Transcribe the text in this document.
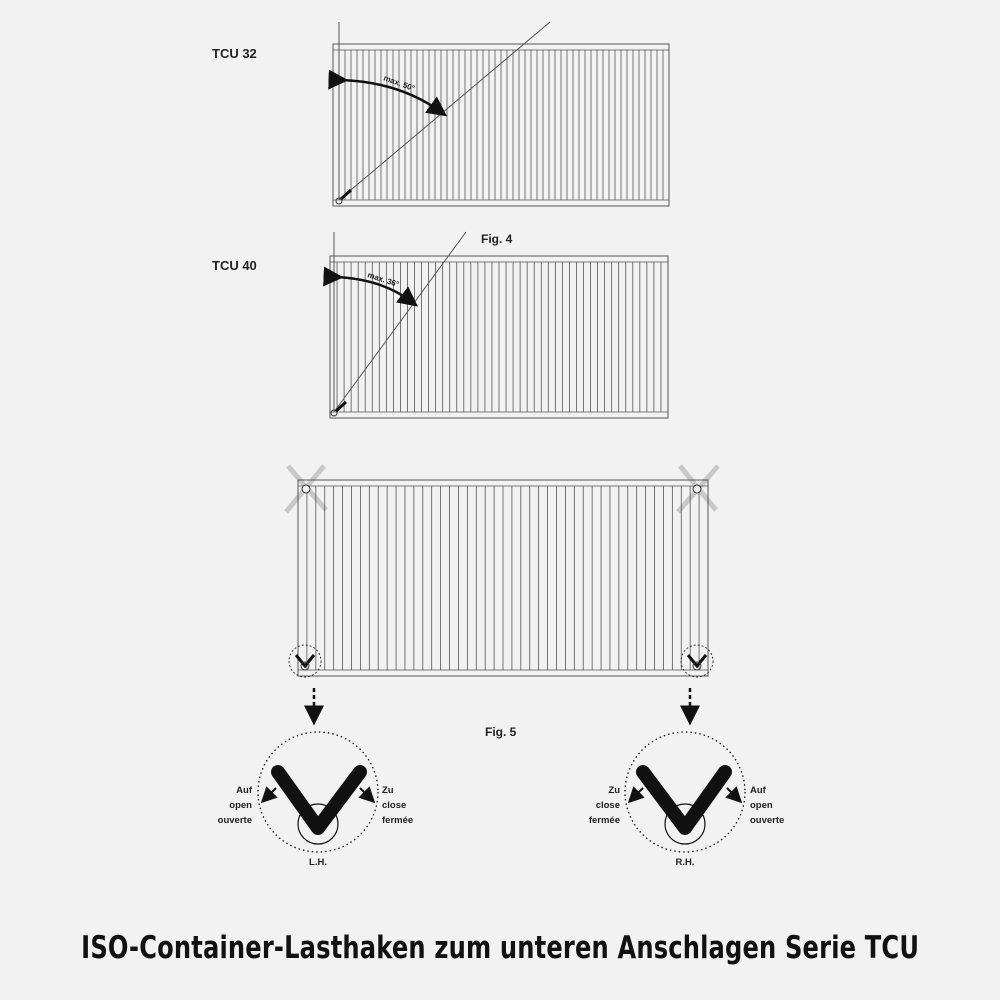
TCU 32
max. 50°
Fig. 4
TCU 40
max. 36°
Fig. 5
Auf
open
ouverte
Zu
close
fermée
L.H.
Zu
close
fermée
Auf
open
ouverte
R.H.
ISO-Container-Lasthaken zum unteren Anschlagen Serie TCU
